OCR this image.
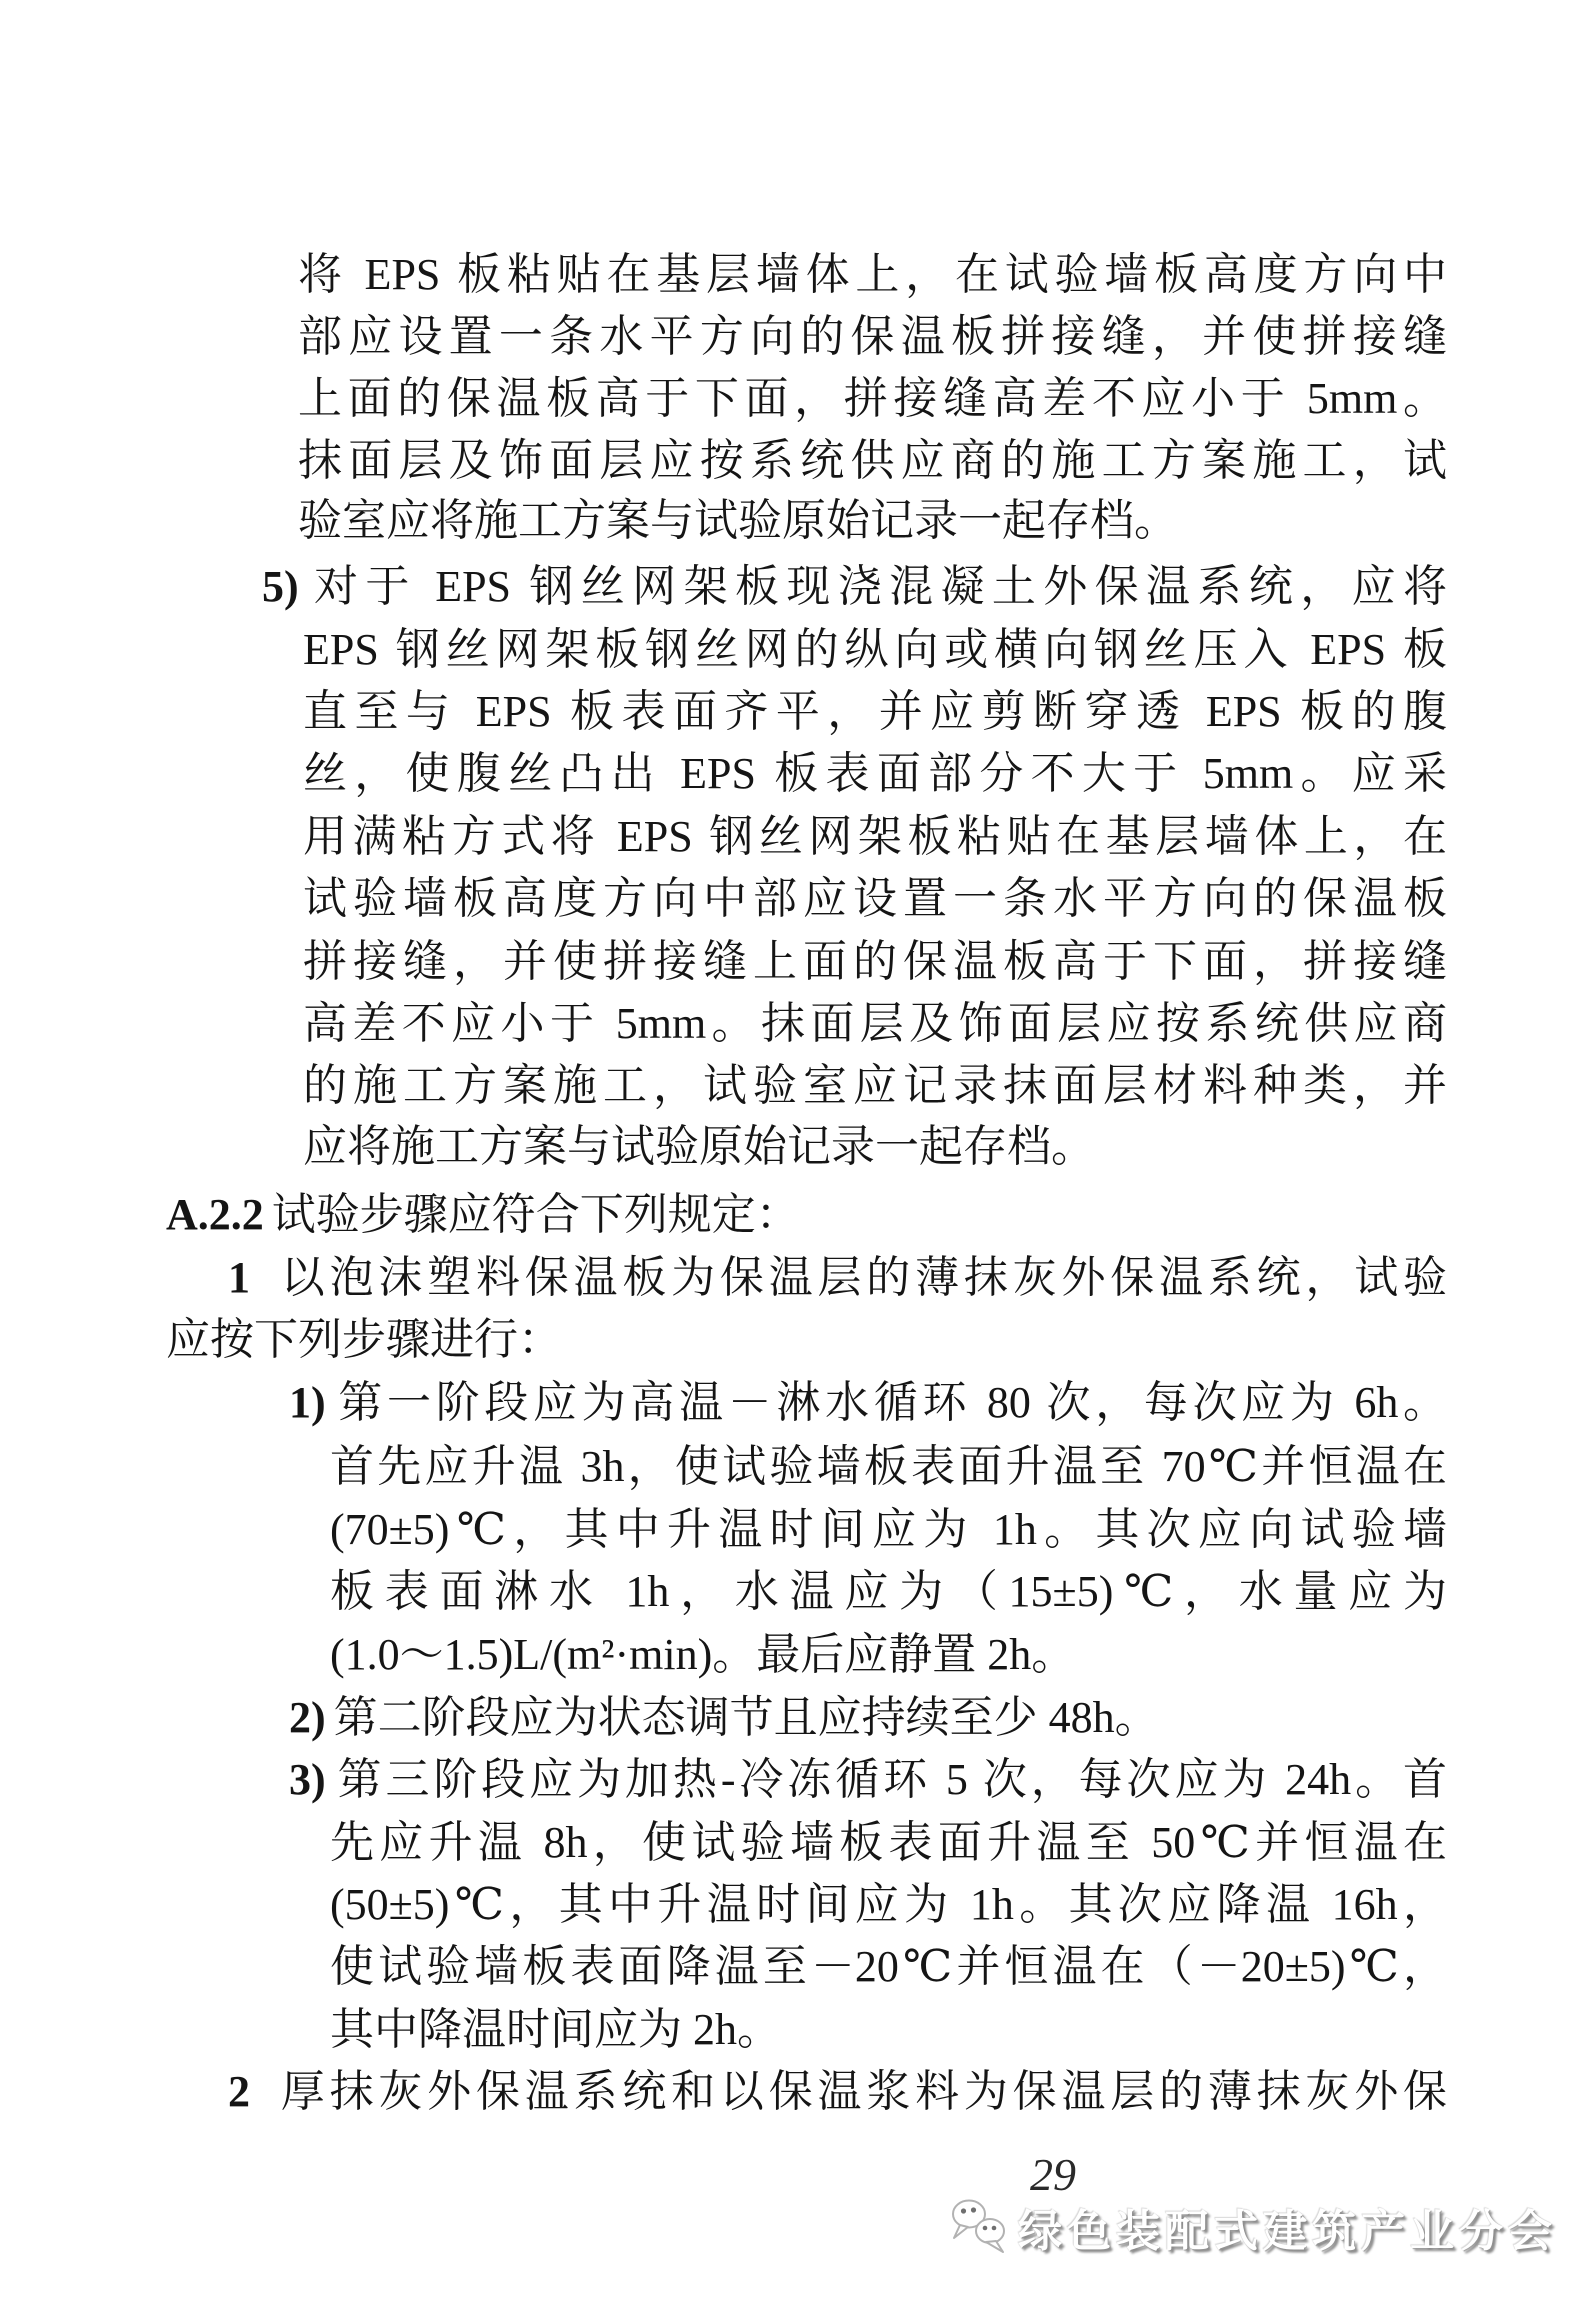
将 EPS 板粘贴在基层墙体上，在试验墙板高度方向中
部应设置一条水平方向的保温板拼接缝，并使拼接缝
上面的保温板高于下面，拼接缝高差不应小于 5mm。
抹面层及饰面层应按系统供应商的施工方案施工，试
验室应将施工方案与试验原始记录一起存档。
5) 对于 EPS 钢丝网架板现浇混凝土外保温系统，应将
EPS 钢丝网架板钢丝网的纵向或横向钢丝压入 EPS 板
直至与 EPS 板表面齐平，并应剪断穿透 EPS 板的腹
丝，使腹丝凸出 EPS 板表面部分不大于 5mm。应采
用满粘方式将 EPS 钢丝网架板粘贴在基层墙体上，在
试验墙板高度方向中部应设置一条水平方向的保温板
拼接缝，并使拼接缝上面的保温板高于下面，拼接缝
高差不应小于 5mm。抹面层及饰面层应按系统供应商
的施工方案施工，试验室应记录抹面层材料种类，并
应将施工方案与试验原始记录一起存档。
A.2.2 试验步骤应符合下列规定：
1 以泡沫塑料保温板为保温层的薄抹灰外保温系统，试验
应按下列步骤进行：
1) 第一阶段应为高温－淋水循环 80 次，每次应为 6h。
首先应升温 3h，使试验墙板表面升温至 70℃并恒温在
(70±5)℃，其中升温时间应为 1h。其次应向试验墙
板表面淋水 1h，水温应为（15±5)℃，水量应为
(1.0～1.5)L/(m²·min)。最后应静置 2h。
2) 第二阶段应为状态调节且应持续至少 48h。
3) 第三阶段应为加热-冷冻循环 5 次，每次应为 24h。首
先应升温 8h，使试验墙板表面升温至 50℃并恒温在
(50±5)℃，其中升温时间应为 1h。其次应降温 16h，
使试验墙板表面降温至－20℃并恒温在（－20±5)℃，
其中降温时间应为 2h。
2 厚抹灰外保温系统和以保温浆料为保温层的薄抹灰外保
29
绿色装配式建筑产业分会
